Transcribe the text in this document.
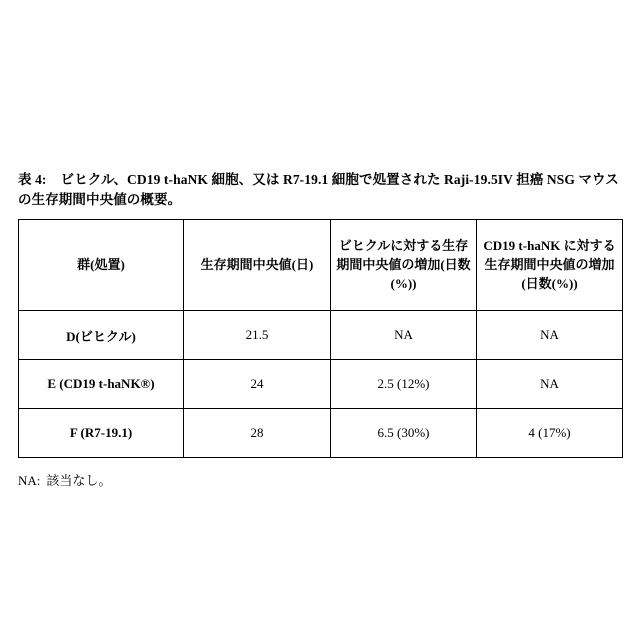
表 4: ビヒクル、CD19 t-haNK 細胞、又は R7-19.1 細胞で処置された Raji-19.5IV 担癌 NSG マウスの生存期間中央値の概要。

群(処置)	生存期間中央値(日)	ビヒクルに対する生存期間中央値の増加(日数(%))	CD19 t-haNK に対する生存期間中央値の増加(日数(%))
D(ビヒクル)	21.5	NA	NA
E (CD19 t-haNK®)	24	2.5 (12%)	NA
F (R7-19.1)	28	6.5 (30%)	4 (17%)

NA: 該当なし。
